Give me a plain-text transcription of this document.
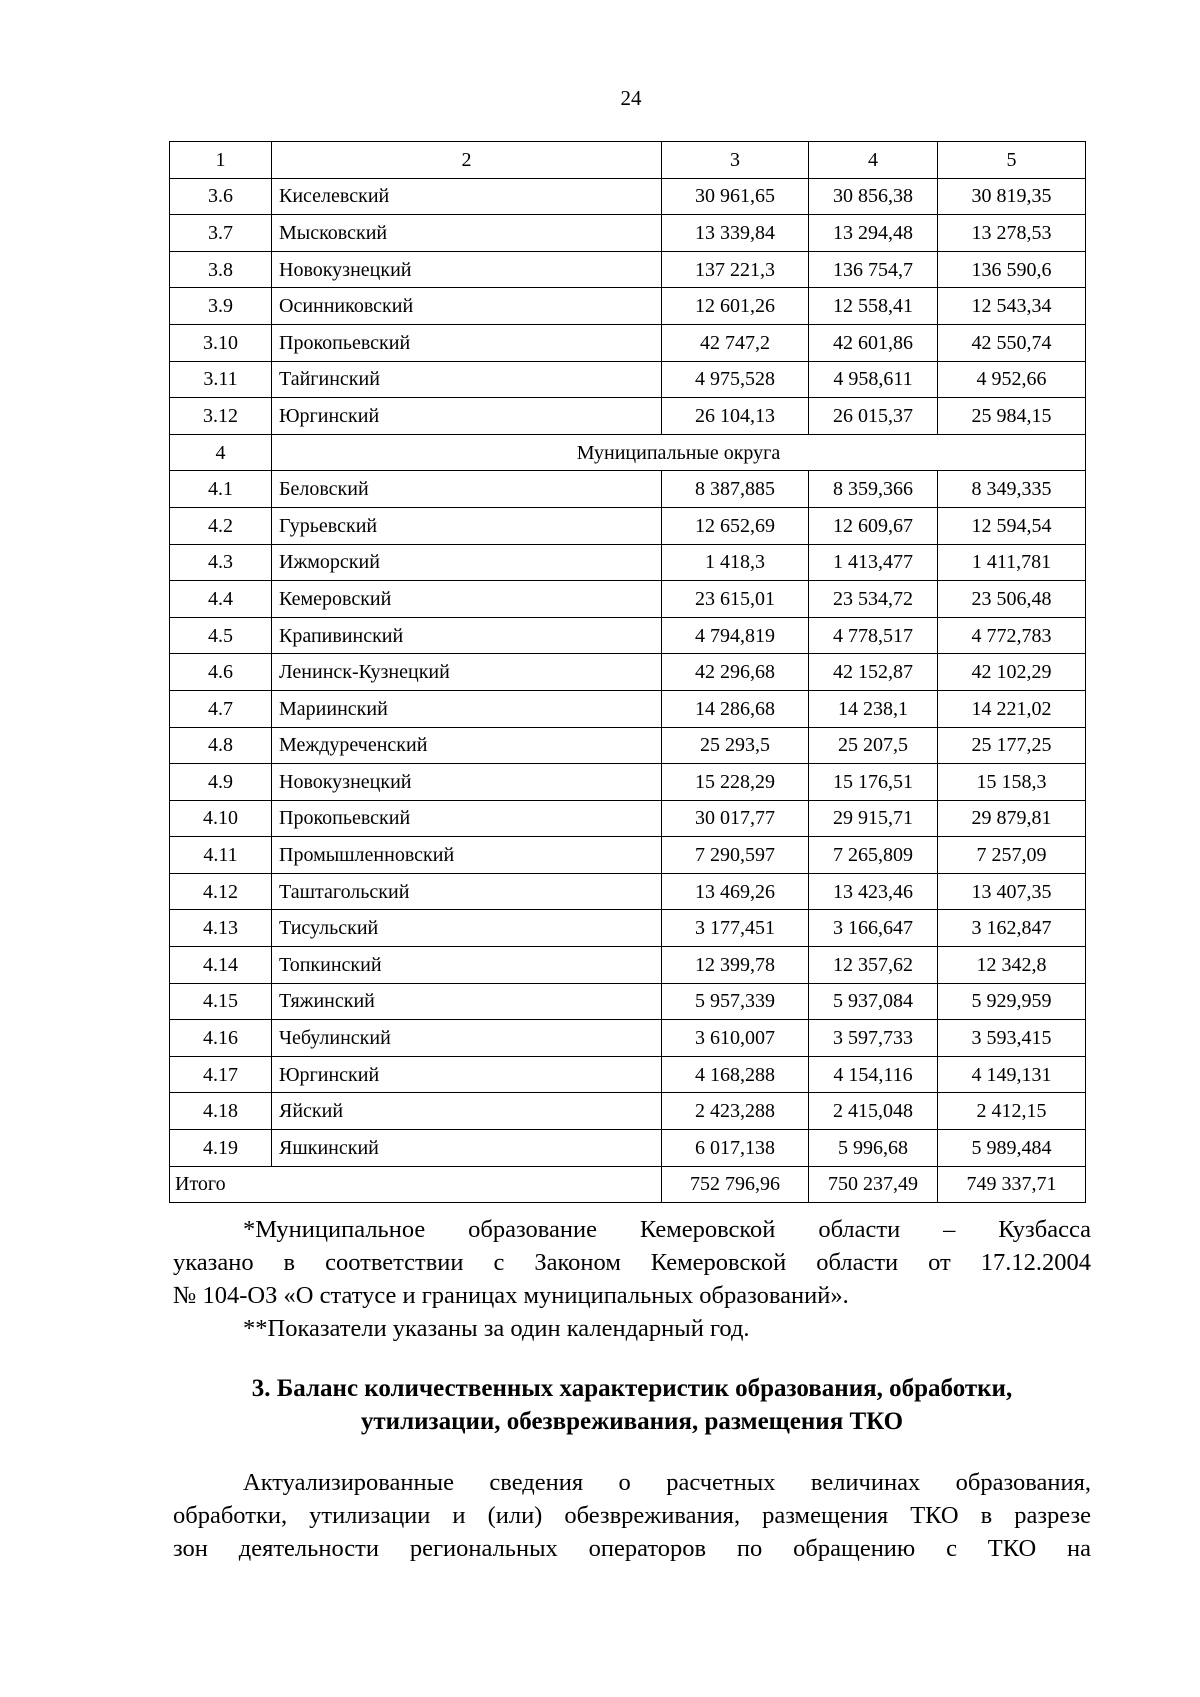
24
1	2	3	4	5
3.6	Киселевский	30 961,65	30 856,38	30 819,35
3.7	Мысковский	13 339,84	13 294,48	13 278,53
3.8	Новокузнецкий	137 221,3	136 754,7	136 590,6
3.9	Осинниковский	12 601,26	12 558,41	12 543,34
3.10	Прокопьевский	42 747,2	42 601,86	42 550,74
3.11	Тайгинский	4 975,528	4 958,611	4 952,66
3.12	Юргинский	26 104,13	26 015,37	25 984,15
4	Муниципальные округа			
4.1	Беловский	8 387,885	8 359,366	8 349,335
4.2	Гурьевский	12 652,69	12 609,67	12 594,54
4.3	Ижморский	1 418,3	1 413,477	1 411,781
4.4	Кемеровский	23 615,01	23 534,72	23 506,48
4.5	Крапивинский	4 794,819	4 778,517	4 772,783
4.6	Ленинск-Кузнецкий	42 296,68	42 152,87	42 102,29
4.7	Мариинский	14 286,68	14 238,1	14 221,02
4.8	Междуреченский	25 293,5	25 207,5	25 177,25
4.9	Новокузнецкий	15 228,29	15 176,51	15 158,3
4.10	Прокопьевский	30 017,77	29 915,71	29 879,81
4.11	Промышленновский	7 290,597	7 265,809	7 257,09
4.12	Таштагольский	13 469,26	13 423,46	13 407,35
4.13	Тисульский	3 177,451	3 166,647	3 162,847
4.14	Топкинский	12 399,78	12 357,62	12 342,8
4.15	Тяжинский	5 957,339	5 937,084	5 929,959
4.16	Чебулинский	3 610,007	3 597,733	3 593,415
4.17	Юргинский	4 168,288	4 154,116	4 149,131
4.18	Яйский	2 423,288	2 415,048	2 412,15
4.19	Яшкинский	6 017,138	5 996,68	5 989,484
Итого		752 796,96	750 237,49	749 337,71
*Муниципальное образование Кемеровской области – Кузбасса
указано в соответствии с Законом Кемеровской области от 17.12.2004
№ 104-ОЗ «О статусе и границах муниципальных образований».
**Показатели указаны за один календарный год.
3. Баланс количественных характеристик образования, обработки,
утилизации, обезвреживания, размещения ТКО
Актуализированные сведения о расчетных величинах образования,
обработки, утилизации и (или) обезвреживания, размещения ТКО в разрезе
зон деятельности региональных операторов по обращению с ТКО на
